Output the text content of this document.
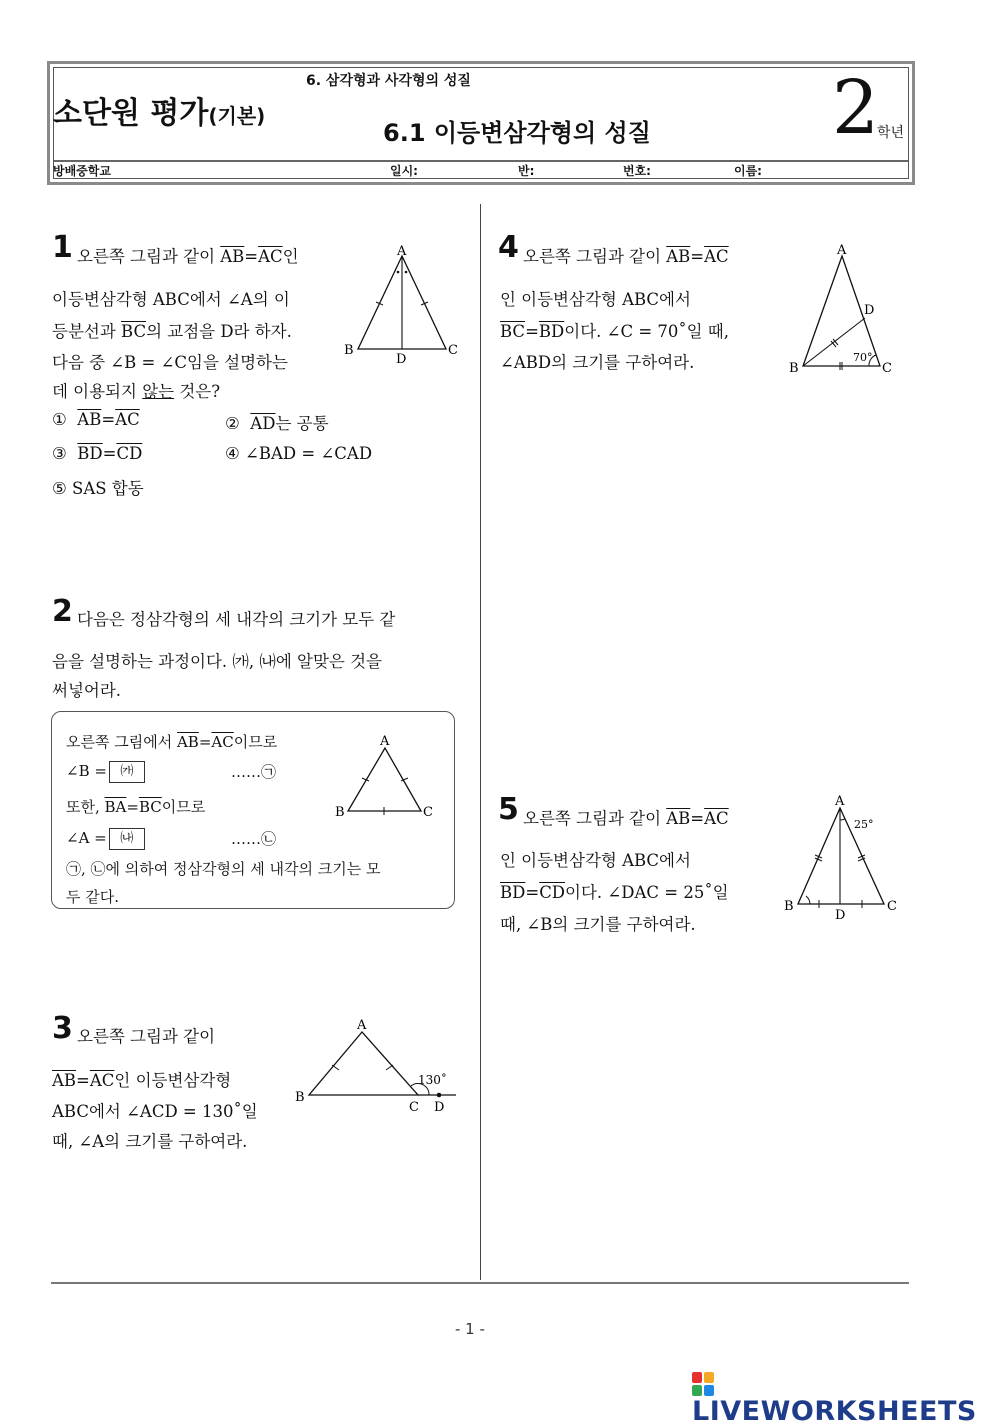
소단원 평가(기본)
6. 삼각형과 사각형의 성질
6.1 이등변삼각형의 성질 2
학년
방배중학교	일시:	반:	번호:	이름:
1 오른쪽 그림과 같이 $\overline{AB}=\overline{AC}$인
이등변삼각형 ABC에서 ∠A의 이
등분선과 $\overline{BC}$의 교점을 D라 하자.
다음 중 ∠B = ∠C임을 설명하는
데 이용되지 않는 것은?
① $\overline{AB}=\overline{AC}$	② $\overline{AD}$는 공통
③ $\overline{BD}=\overline{CD}$	④ ∠BAD = ∠CAD
⑤ SAS 합동
A
B	C
D
2 다음은 정삼각형의 세 내각의 크기가 모두 같
음을 설명하는 과정이다. ㈎, ㈏에 알맞은 것을
써넣어라.
오른쪽 그림에서 $\overline{AB}=\overline{AC}$이므로
∠B = ㈎	……㉠
또한, $\overline{BA}=\overline{BC}$이므로
∠A = ㈏	……㉡
㉠, ㉡에 의하여 정삼각형의 세 내각의 크기는 모
두 같다.
A
B	C
3 오른쪽 그림과 같이
$\overline{AB}=\overline{AC}$인 이등변삼각형
ABC에서 ∠ACD = 130˚일
때, ∠A의 크기를 구하여라.
A
B
C D
130˚
4 오른쪽 그림과 같이 $\overline{AB}=\overline{AC}$
인 이등변삼각형 ABC에서
$\overline{BC}=\overline{BD}$이다. ∠C = 70˚일 때,
∠ABD의 크기를 구하여라.
A
B	C
D
70°
5 오른쪽 그림과 같이 $\overline{AB}=\overline{AC}$
인 이등변삼각형 ABC에서
$\overline{BD}=\overline{CD}$이다. ∠DAC = 25˚일
때, ∠B의 크기를 구하여라.
A
B	C
D
25°
- 1 -
LIVEWORKSHEETS
